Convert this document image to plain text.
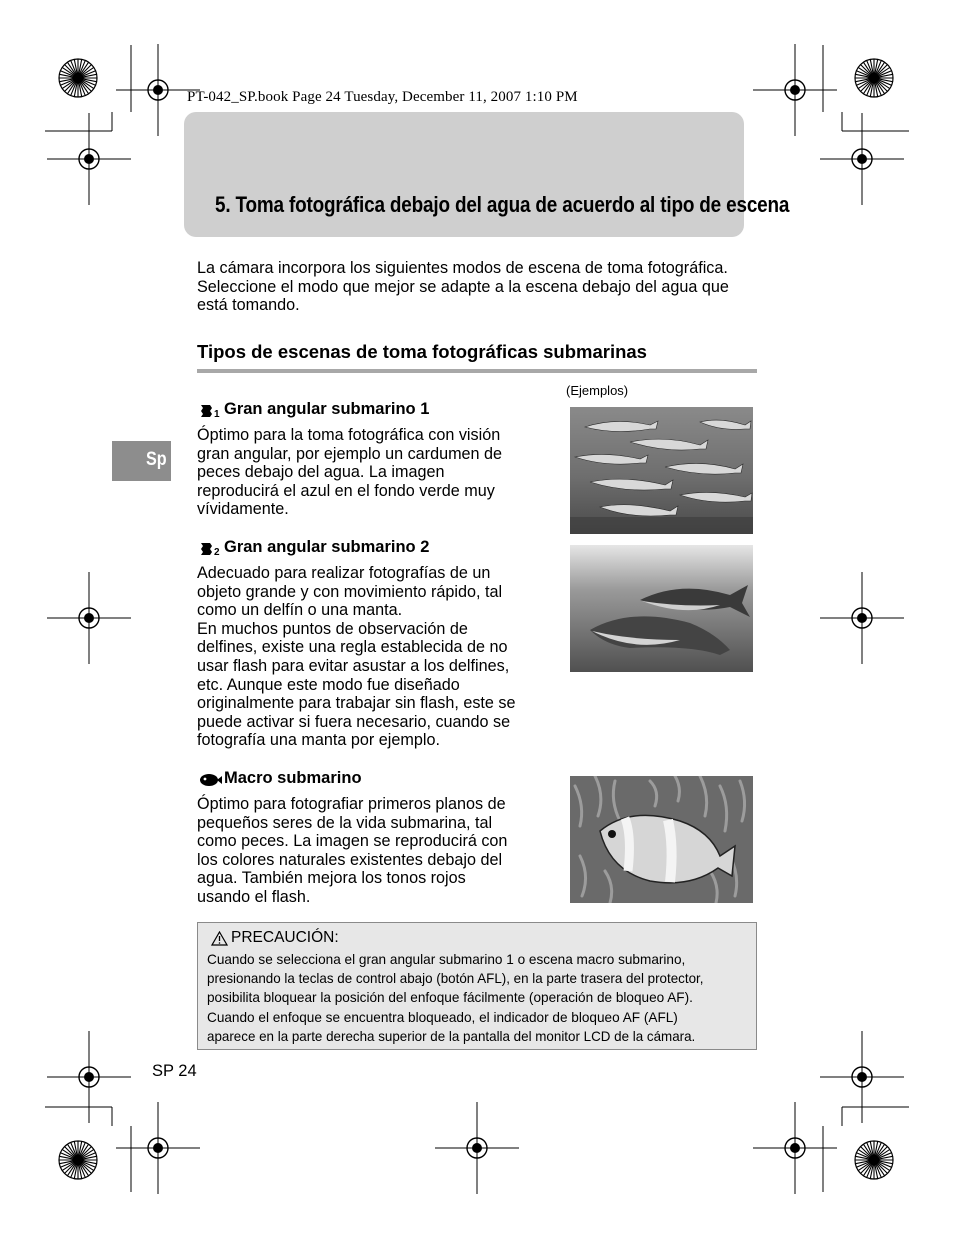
PT-042_SP.book Page 24 Tuesday, December 11, 2007 1:10 PM
5. Toma fotográfica debajo del agua de acuerdo al tipo de escena
Sp

La cámara incorpora los siguientes modos de escena de toma fotográfica.

Seleccione el modo que mejor se adapte a la escena debajo del agua que

está tomando.

Tipos de escenas de toma fotográficas submarinas
(Ejemplos)
1 Gran angular submarino 1

Óptimo para la toma fotográfica con visión

gran angular, por ejemplo un cardumen de

peces debajo del agua. La imagen

reproducirá el azul en el fondo verde muy

vívidamente.

2 Gran angular submarino 2

Adecuado para realizar fotografías de un

objeto grande y con movimiento rápido, tal

como un delfín o una manta.

En muchos puntos de observación de

delfines, existe una regla establecida de no

usar flash para evitar asustar a los delfines,

etc. Aunque este modo fue diseñado

originalmente para trabajar sin flash, este se

puede activar si fuera necesario, cuando se

fotografía una manta por ejemplo.

Macro submarino

Óptimo para fotografiar primeros planos de

pequeños seres de la vida submarina, tal

como peces. La imagen se reproducirá con

los colores naturales existentes debajo del

agua. También mejora los tonos rojos

usando el flash.

PRECAUCIÓN:

Cuando se selecciona el gran angular submarino 1 o escena macro submarino,

presionando la teclas de control abajo (botón AFL), en la parte trasera del protector,

posibilita bloquear la posición del enfoque fácilmente (operación de bloqueo AF).

Cuando el enfoque se encuentra bloqueado, el indicador de bloqueo AF (AFL)

aparece en la parte derecha superior de la pantalla del monitor LCD de la cámara.

SP 24
